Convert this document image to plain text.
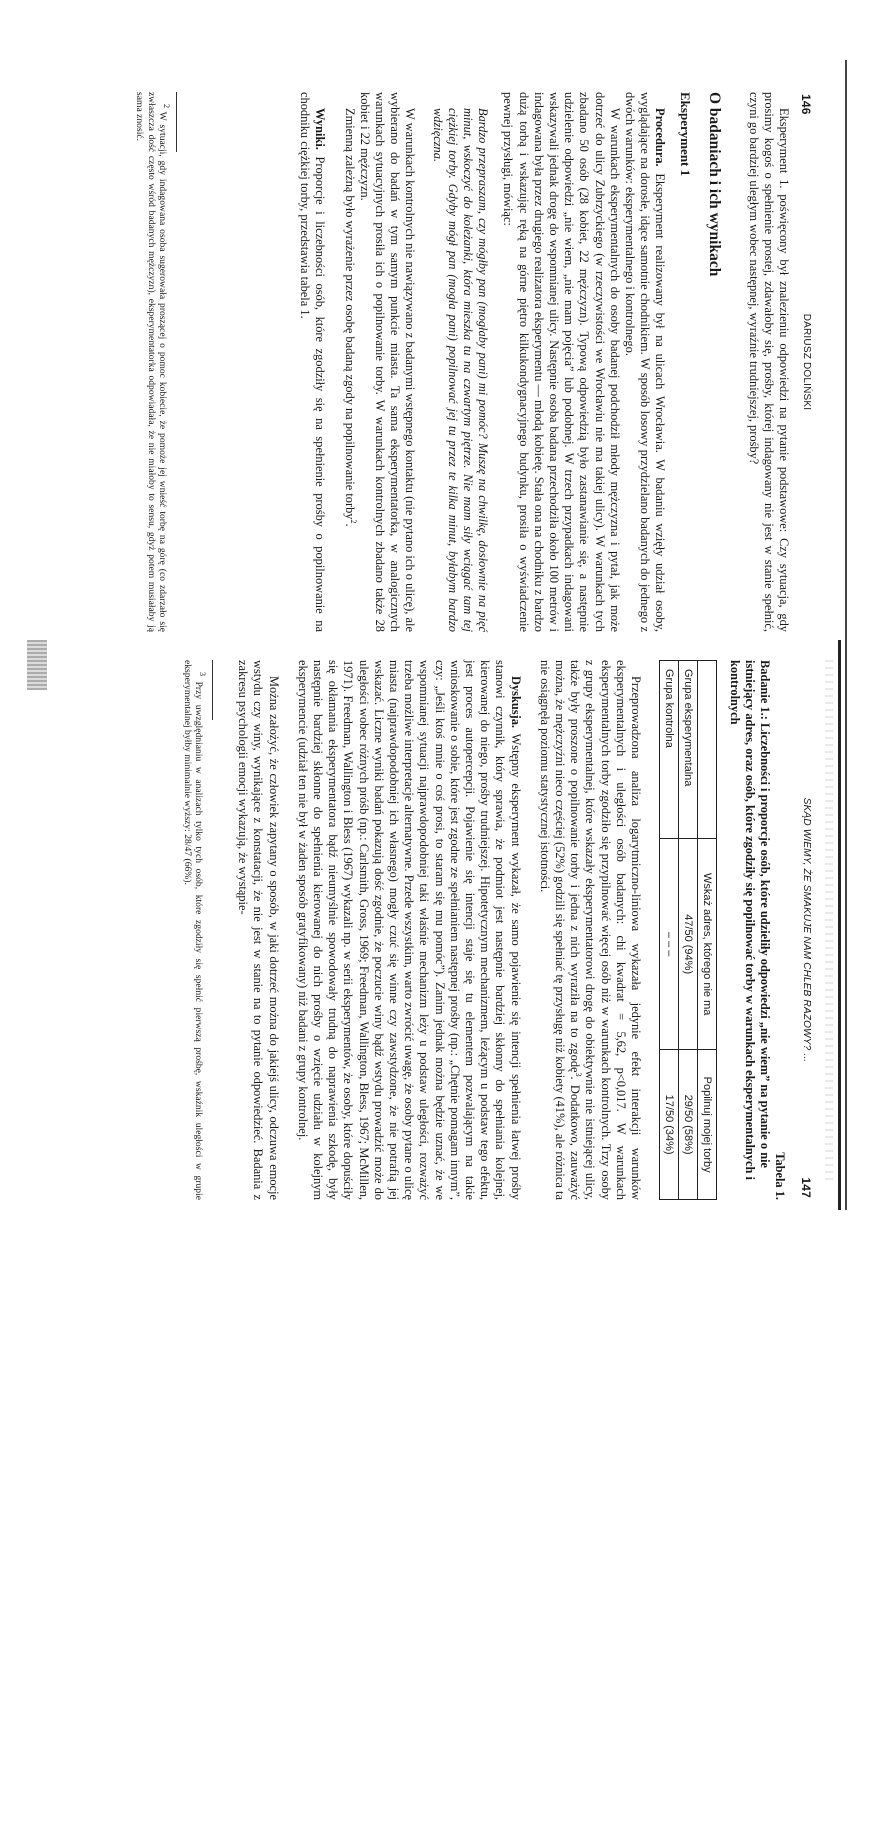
146
DARIUSZ DOLIŃSKI

Eksperyment 1. poświęcony był znalezieniu odpowiedzi na pytanie podstawowe: Czy sytuacja, gdy prosimy kogoś o spełnienie prostej, zdawałoby się, prośby, której indagowany nie jest w stanie spełnić, czyni go bardziej uległym wobec następnej, wyraźnie trudniejszej, prośby?

O badaniach i ich wynikach
Eksperyment 1

Procedura. Eksperyment realizowany był na ulicach Wrocławia. W badaniu wzięły udział osoby, wyglądające na dorosłe, idące samotnie chodnikiem. W sposób losowy przydzielano badanych do jednego z dwóch warunków: eksperymentalnego i kontrolnego.

W warunkach eksperymentalnych do osoby badanej podchodził młody mężczyzna i pytał, jak może dotrzeć do ulicy Zubrzyckiego (w rzeczywistości we Wrocławiu nie ma takiej ulicy). W warunkach tych zbadano 50 osób (28 kobiet, 22 mężczyzn). Typową odpowiedzią było zastanawianie się, a następnie udzielenie odpowiedzi „nie wiem, „nie mam pojęcia” lub podobnej. W trzech przypadkach indagowani wskazywali jednak drogę do wspomnianej ulicy. Następnie osoba badana przechodziła około 100 metrów i indagowana była przez drugiego realizatora eksperymentu — młodą kobietę. Stała ona na chodniku z bardzo dużą torbą i wskazując ręką na górne piętro kilkukondygnacyjnego budynku, prosiła o wyświadczenie pewnej przysługi, mówiąc:

Bardzo przepraszam, czy mógłby pan (mogłaby pani) mi pomóc? Muszę na chwilkę, dosłownie na pięć minut, wskoczyć do koleżanki, która mieszka tu na czwartym piętrze. Nie mam siły wciągać tam tej ciężkiej torby. Gdyby mógł pan (mogła pani) popilnować jej tu przez te kilka minut, byłabym bardzo wdzięczna.

W warunkach kontrolnych nie nawiązywano z badanymi wstępnego kontaktu (nie pytano ich o ulicę), ale wybierano do badań w tym samym punkcie miasta. Ta sama eksperymentatorka, w analogicznych warunkach sytuacyjnych prosiła ich o popilnowanie torby. W warunkach kontrolnych zbadano także 28 kobiet i 22 mężczyzn.

Zmienną zależną było wyrażenie przez osobę badaną zgody na popilnowanie torby$^2$.

Wyniki. Proporcje i liczebności osób, które zgodziły się na spełnienie prośby o popilnowanie na chodniku ciężkiej torby, przedstawia tabela 1.

$^2$ W sytuacji, gdy indagowana osoba sugerowała proszącej o pomoc kobiecie, że pomoże jej wnieść torbę na górę (co zdarzało się zwłaszcza dość często wśród badanych mężczyzn), eksperymentatorka odpowiadała, że nie miałoby to sensu, gdyż potem musiałaby ją sama znosić.

SKĄD WIEMY, ŻE SMAKUJE NAM CHLEB RAZOWY? ...
147
Tabela 1.
Badanie 1.: Liczebności i proporcje osób, które udzieliły odpowiedzi „nie wiem” na pytanie o nie istniejący adres, oraz osób, które zgodziły się popilnować torby w warunkach eksperymentalnych i kontrolnych
	Wskaż adres, którego nie ma	Popilnuj mojej torby
Grupa eksperymentalna	47/50 (94%)	29/50 (58%)
Grupa kontrolna	– – –	17/50 (34%)

Przeprowadzona analiza logarytmiczno-liniowa wykazała jedynie efekt interakcji warunków eksperymentalnych i uległości osób badanych: chi kwadrat = 5,62, p<0,017. W warunkach eksperymentalnych torby zgodziło się przypilnować więcej osób niż w warunkach kontrolnych. Trzy osoby z grupy eksperymentalnej, które wskazały eksperymentatorowi drogę do obiektywnie nie istniejącej ulicy, także były proszone o popilnowanie torby i jedna z nich wyraziła na to zgodę$^3$. Dodatkowo, zauważyć można, że mężczyźni nieco częściej (52%) godzili się spełniać tę przysługę niż kobiety (41%), ale różnica ta nie osiągnęła poziomu statystycznej istotności.

Dyskusja. Wstępny eksperyment wykazał, że samo pojawienie się intencji spełnienia łatwej prośby stanowi czynnik, który sprawia, że podmiot jest następnie bardziej skłonny do spełniania kolejnej, kierowanej do niego, prośby trudniejszej. Hipotetycznym mechanizmem, leżącym u podstaw tego efektu, jest proces autopercepcji. Pojawienie się intencji staje się tu elementem pozwalającym na takie wnioskowanie o sobie, które jest zgodne ze spełnianiem następnej prośby (np.: „Chętnie pomagam innym”, czy: „Jeśli ktoś mnie o coś prosi, to staram się mu pomóc”). Zanim jednak można będzie uznać, że we wspomnianej sytuacji najprawdopodobniej taki właśnie mechanizm leży u podstaw uległości, rozważyć trzeba możliwe interpretacje alternatywne. Przede wszystkim, warto zwrócić uwagę, że osoby pytane o ulicę miasta (najprawdopodobniej ich własnego) mogły czuć się winne czy zawstydzone, że nie potrafią jej wskazać. Liczne wyniki badań pokazują dość zgodnie, że poczucie winy bądź wstydu prowadzić może do uległości wobec różnych próśb (np.: Carlsmith, Gross, 1969; Freedman, Wallington, Bless, 1967; McMillen, 1971). Freedman, Wallington i Bless (1967) wykazali np. w serii eksperymentów, że osoby, które dopuściły się okłamania eksperymentatora bądź nieumyślnie spowodowały trudną do naprawienia szkodę, były następnie bardziej skłonne do spełnienia kierowanej do nich prośby o wzięcie udziału w kolejnym eksperymencie (udział ten nie był w żaden sposób gratyfikowany) niż badani z grupy kontrolnej.

Można założyć, że człowiek zapytany o sposób, w jaki dotrzeć można do jakiejś ulicy, odczuwa emocje wstydu czy winy, wynikające z konstatacji, że nie jest w stanie na to pytanie odpowiedzieć. Badania z zakresu psychologii emocji wykazują, że wystąpie-

$^3$ Przy uwzględnianiu w analizach tylko tych osób, które zgodziły się spełnić pierwszą prośbę, wskaźnik uległości w grupie eksperymentalnej byłby minimalnie wyższy: 28/47 (66%).
